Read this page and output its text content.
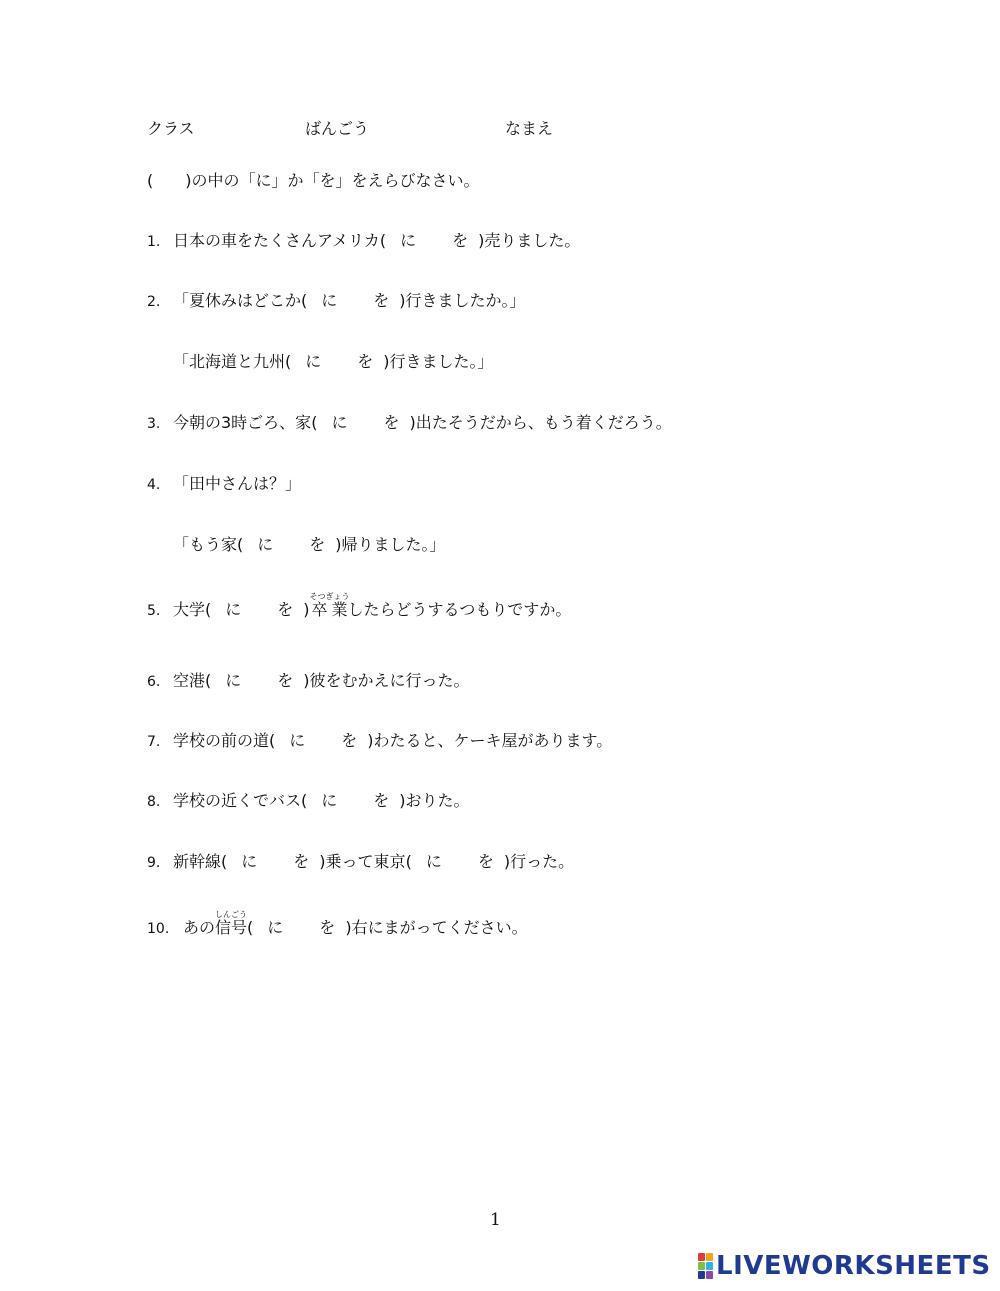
クラス	ばんごう	なまえ
(　　)の中の「に」か「を」をえらびなさい。
1. 日本の車をたくさんアメリカ( に を )売りました。
2. 「夏休みはどこか( に を )行きましたか。」
「北海道と九州( に を )行きました。」
3. 今朝の3時ごろ、家( に を )出たそうだから、もう着くだろう。
4. 「田中さんは？」
「もう家( に を )帰りました。」
5. 大学( に を )卒業そつぎょうしたらどうするつもりですか。
6. 空港( に を )彼をむかえに行った。
7. 学校の前の道( に を )わたると、ケーキ屋があります。
8. 学校の近くでバス( に を )おりた。
9. 新幹線( に を )乗って東京( に を )行った。
10. あの信号しんごう( に を )右にまがってください。
1
LIVEWORKSHEETS
